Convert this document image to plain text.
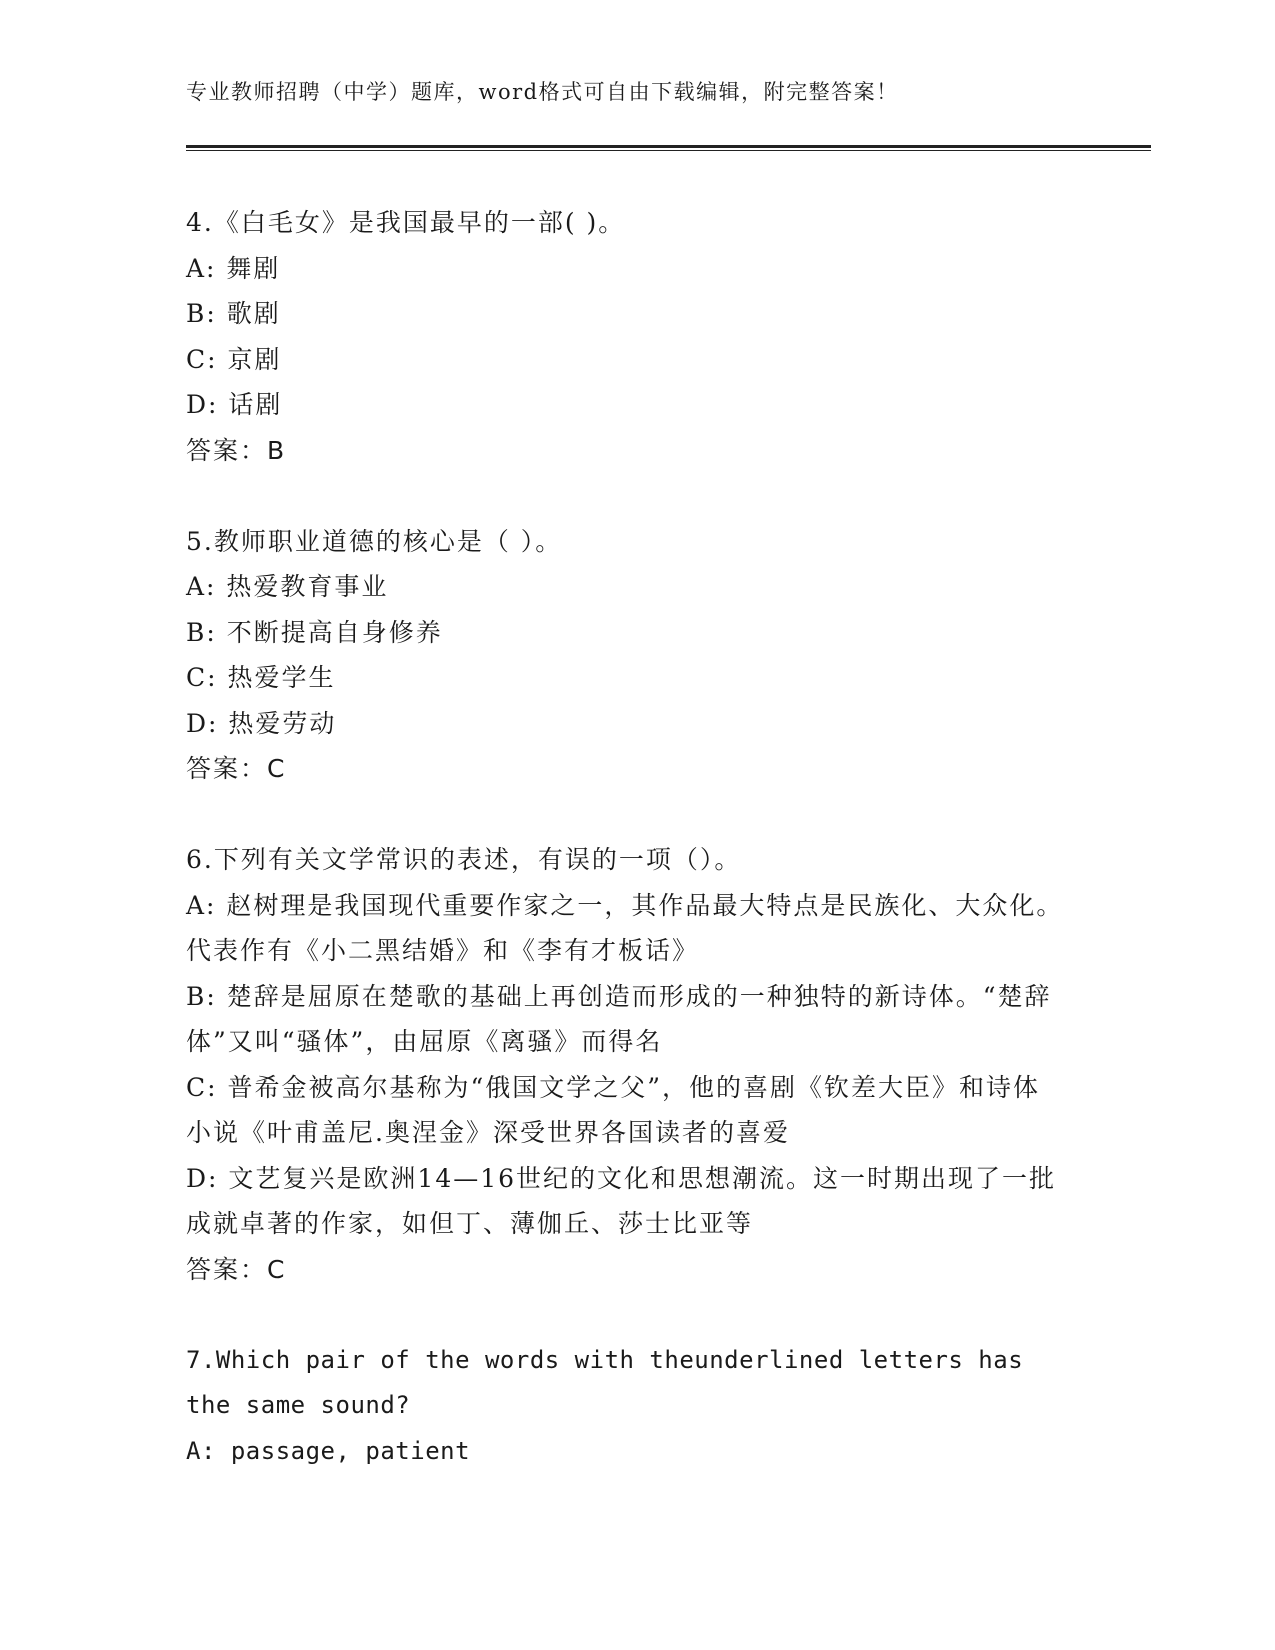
专业教师招聘（中学）题库，word格式可自由下载编辑，附完整答案！

4.《白毛女》是我国最早的一部( )。

A: 舞剧

B: 歌剧

C: 京剧

D: 话剧

答案：B

5.教师职业道德的核心是（ ）。

A: 热爱教育事业

B: 不断提高自身修养

C: 热爱学生

D: 热爱劳动

答案：C

6.下列有关文学常识的表述，有误的一项（）。

A: 赵树理是我国现代重要作家之一，其作品最大特点是民族化、大众化。代表作有《小二黑结婚》和《李有才板话》

B: 楚辞是屈原在楚歌的基础上再创造而形成的一种独特的新诗体。“楚辞体”又叫“骚体”，由屈原《离骚》而得名

C: 普希金被高尔基称为“俄国文学之父”，他的喜剧《钦差大臣》和诗体小说《叶甫盖尼.奥涅金》深受世界各国读者的喜爱

D: 文艺复兴是欧洲14—16世纪的文化和思想潮流。这一时期出现了一批成就卓著的作家，如但丁、薄伽丘、莎士比亚等

答案：C

7.Which pair of the words with theunderlined letters has the same sound?

A: passage, patient
